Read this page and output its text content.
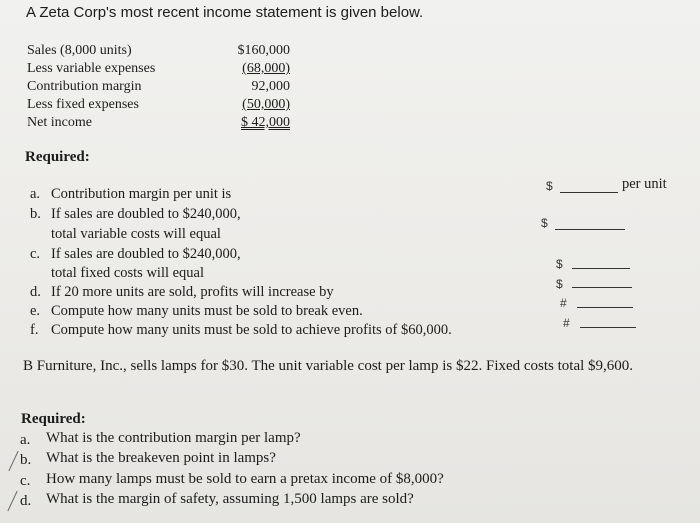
A Zeta Corp's most recent income statement is given below.
Sales (8,000 units)	$160,000
Less variable expenses	(68,000)
Contribution margin	92,000
Less fixed expenses	(50,000)
Net income	$ 42,000
Required:
a. Contribution margin per unit is
b. If sales are doubled to $240,000,
total variable costs will equal
c. If sales are doubled to $240,000,
total fixed costs will equal
d. If 20 more units are sold, profits will increase by
e. Compute how many units must be sold to break even.
f. Compute how many units must be sold to achieve profits of $60,000.
$	per unit
$
$
$
#
#
B Furniture, Inc., sells lamps for $30. The unit variable cost per lamp is $22. Fixed costs total $9,600.
Required:
a. What is the contribution margin per lamp?
b. What is the breakeven point in lamps?
c. How many lamps must be sold to earn a pretax income of $8,000?
d. What is the margin of safety, assuming 1,500 lamps are sold?
